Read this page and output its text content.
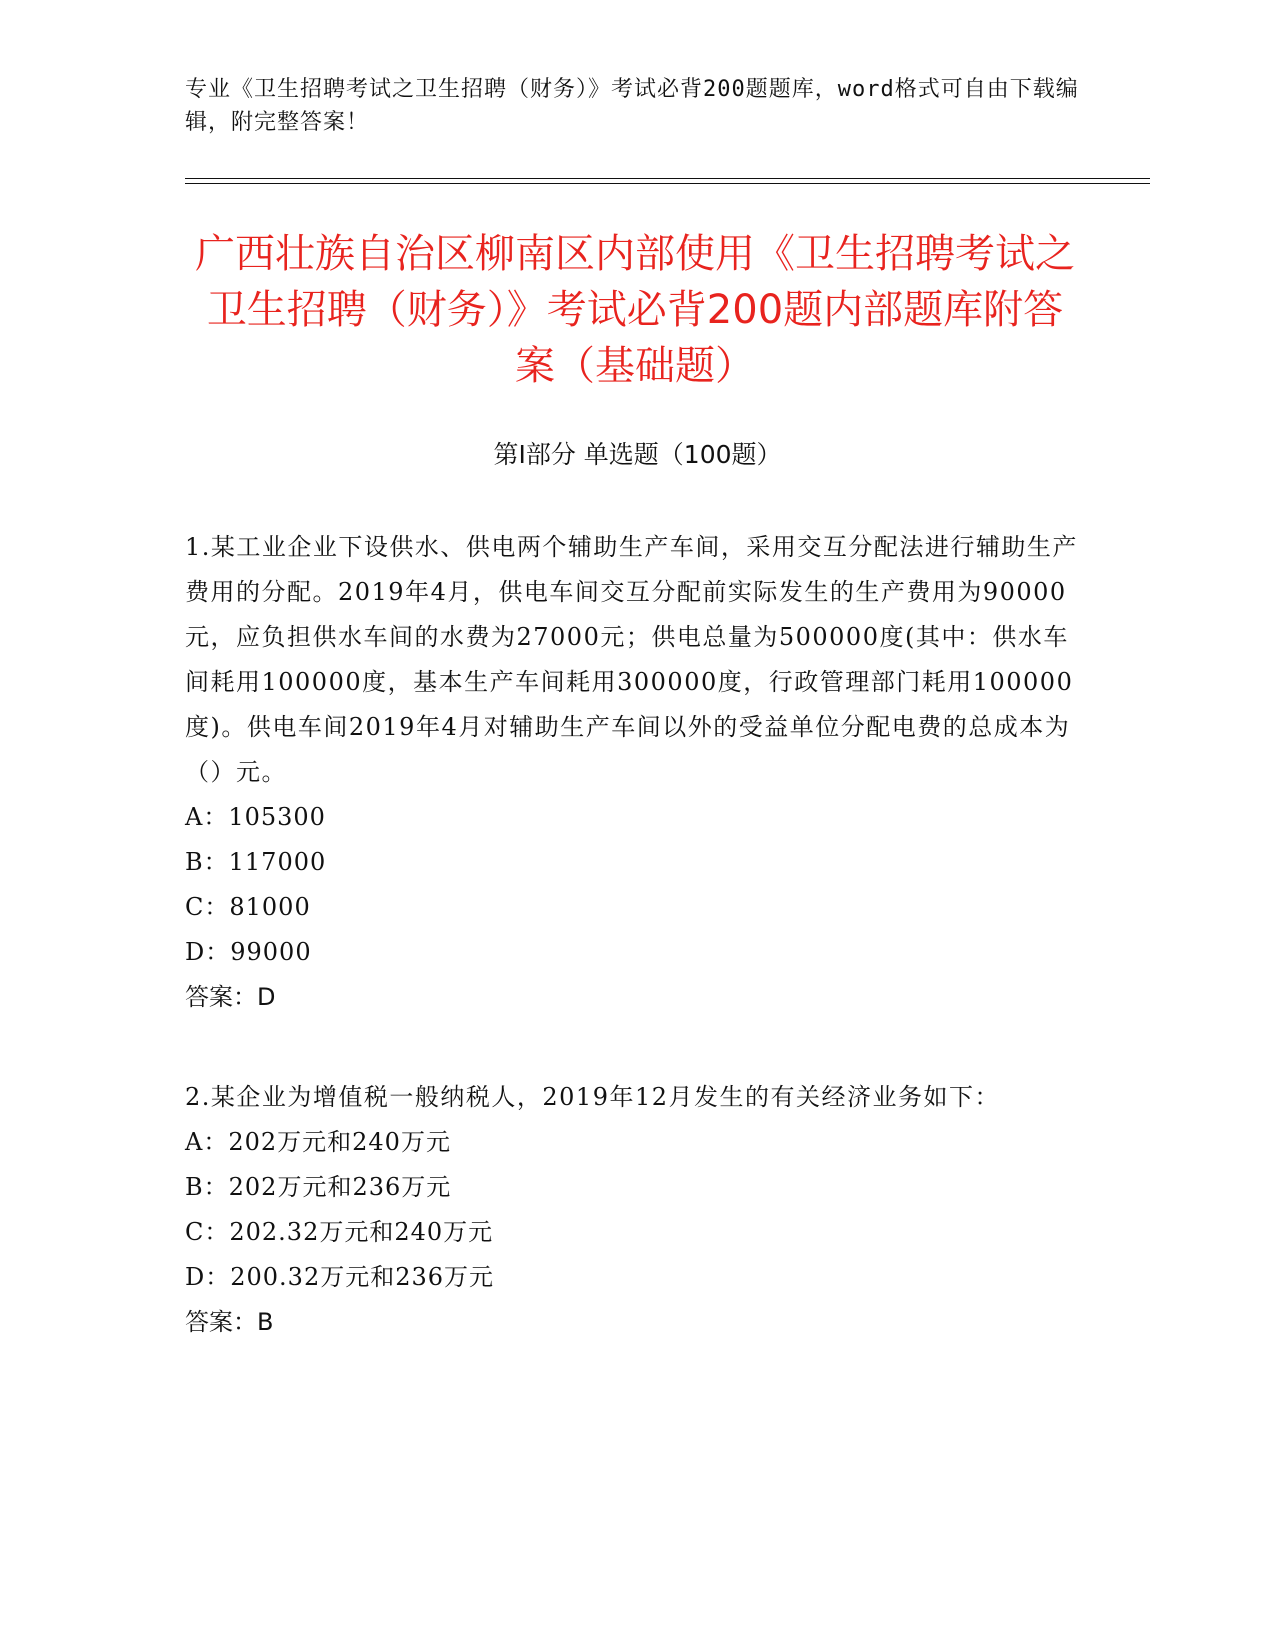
专业《卫生招聘考试之卫生招聘（财务）》考试必背200题题库，word格式可自由下载编辑，附完整答案！
广西壮族自治区柳南区内部使用《卫生招聘考试之卫生招聘（财务）》考试必背200题内部题库附答案（基础题）
第Ⅰ部分 单选题（100题）

1.某工业企业下设供水、供电两个辅助生产车间，采用交互分配法进行辅助生产费用的分配。2019年4月，供电车间交互分配前实际发生的生产费用为90000元，应负担供水车间的水费为27000元；供电总量为500000度(其中：供水车间耗用100000度，基本生产车间耗用300000度，行政管理部门耗用100000度)。供电车间2019年4月对辅助生产车间以外的受益单位分配电费的总成本为（）元。

A：105300
B：117000
C：81000
D：99000

答案：D

2.某企业为增值税一般纳税人，2019年12月发生的有关经济业务如下：

A：202万元和240万元
B：202万元和236万元
C：202.32万元和240万元
D：200.32万元和236万元

答案：B
